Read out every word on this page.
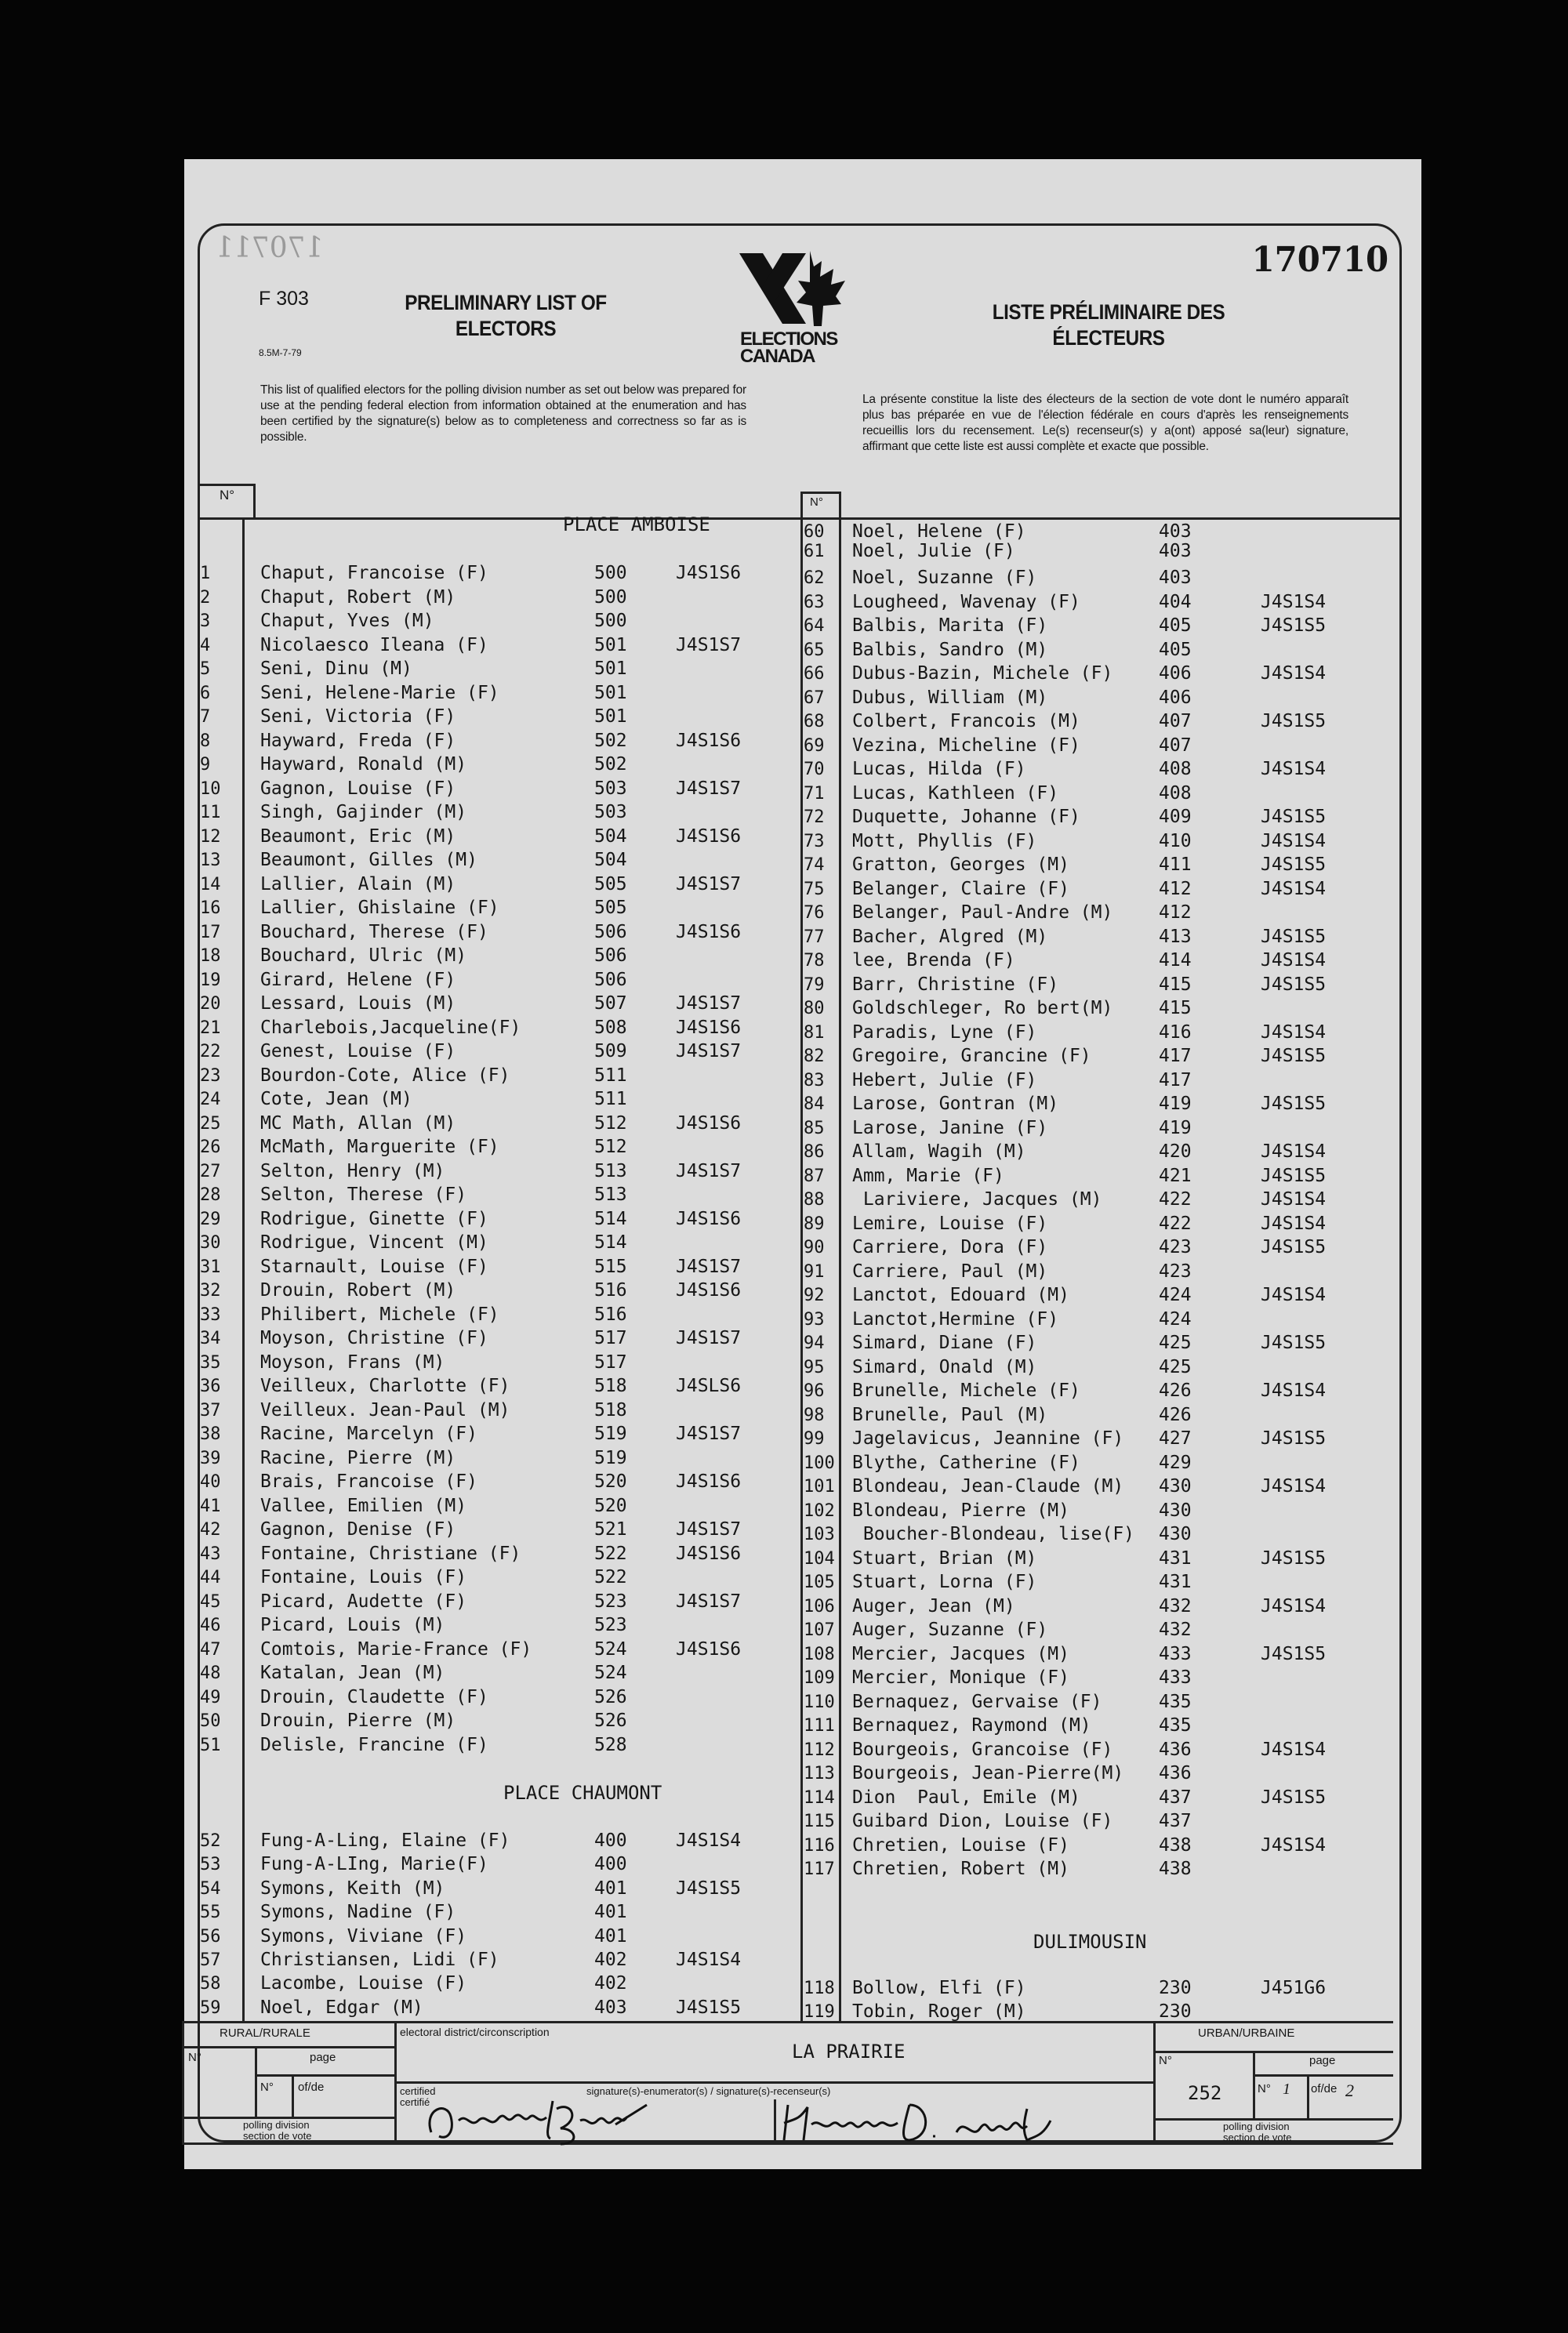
170711	170710
F 303
8.5M-7-79
PRELIMINARY LIST OF
ELECTORS
LISTE PRÉLIMINAIRE DES
ÉLECTEURS
ELECTIONS
CANADA
This list of qualified electors for the polling division number as set out below was prepared for use at the pending federal election from information obtained at the enumeration and has been certified by the signature(s) below as to completeness and correctness so far as is possible.
La présente constitue la liste des électeurs de la section de vote dont le numéro apparaît plus bas préparée en vue de l'élection fédérale en cours d'après les renseignements recueillis lors du recensement. Le(s) recenseur(s) y a(ont) apposé sa(leur) signature, affirmant que cette liste est aussi complète et exacte que possible.
N°	N°
PLACE AMBOISE
1	Chaput, Francoise (F)	500	J4S1S6
2	Chaput, Robert (M)	500
3	Chaput, Yves (M)	500
4	Nicolaesco Ileana (F)	501	J4S1S7
5	Seni, Dinu (M)	501
6	Seni, Helene-Marie (F)	501
7	Seni, Victoria (F)	501
8	Hayward, Freda (F)	502	J4S1S6
9	Hayward, Ronald (M)	502
10 Gagnon, Louise (F)	503	J4S1S7
11 Singh, Gajinder (M)	503
12 Beaumont, Eric (M)	504	J4S1S6
13 Beaumont, Gilles (M)	504
14 Lallier, Alain (M)	505	J4S1S7
16 Lallier, Ghislaine (F)	505
17 Bouchard, Therese (F)	506	J4S1S6
18 Bouchard, Ulric (M)	506
19 Girard, Helene (F)	506
20 Lessard, Louis (M)	507	J4S1S7
21 Charlebois,Jacqueline(F)	508	J4S1S6
22 Genest, Louise (F)	509	J4S1S7
23 Bourdon-Cote, Alice (F)	511
24 Cote, Jean (M)	511
25 MC Math, Allan (M)	512	J4S1S6
26 McMath, Marguerite (F)	512
27 Selton, Henry (M)	513	J4S1S7
28 Selton, Therese (F)	513
29 Rodrigue, Ginette (F)	514	J4S1S6
30 Rodrigue, Vincent (M)	514
31 Starnault, Louise (F)	515	J4S1S7
32 Drouin, Robert (M)	516	J4S1S6
33 Philibert, Michele (F)	516
34 Moyson, Christine (F)	517	J4S1S7
35 Moyson, Frans (M)	517
36 Veilleux, Charlotte (F)	518	J4SLS6
37 Veilleux. Jean-Paul (M)	518
38 Racine, Marcelyn (F)	519	J4S1S7
39 Racine, Pierre (M)	519
40 Brais, Francoise (F)	520	J4S1S6
41 Vallee, Emilien (M)	520
42 Gagnon, Denise (F)	521	J4S1S7
43 Fontaine, Christiane (F)	522	J4S1S6
44 Fontaine, Louis (F)	522
45 Picard, Audette (F)	523	J4S1S7
46 Picard, Louis (M)	523
47 Comtois, Marie-France (F)	524	J4S1S6
48 Katalan, Jean (M)	524
49 Drouin, Claudette (F)	526
50 Drouin, Pierre (M)	526
51 Delisle, Francine (F)	528
PLACE CHAUMONT
52 Fung-A-Ling, Elaine (F)	400	J4S1S4
53 Fung-A-LIng, Marie(F)	400
54 Symons, Keith (M)	401	J4S1S5
55 Symons, Nadine (F)	401
56 Symons, Viviane (F)	401
57 Christiansen, Lidi (F)	402	J4S1S4
58 Lacombe, Louise (F)	402
59 Noel, Edgar (M)	403	J4S1S5
60 Noel, Helene (F)	403
61 Noel, Julie (F)	403
62 Noel, Suzanne (F)	403
63 Lougheed, Wavenay (F)	404	J4S1S4
64 Balbis, Marita (F)	405	J4S1S5
65 Balbis, Sandro (M)	405
66 Dubus-Bazin, Michele (F)	406	J4S1S4
67 Dubus, William (M)	406
68 Colbert, Francois (M)	407	J4S1S5
69 Vezina, Micheline (F)	407
70 Lucas, Hilda (F)	408	J4S1S4
71 Lucas, Kathleen (F)	408
72 Duquette, Johanne (F)	409	J4S1S5
73 Mott, Phyllis (F)	410	J4S1S4
74 Gratton, Georges (M)	411	J4S1S5
75 Belanger, Claire (F)	412	J4S1S4
76 Belanger, Paul-Andre (M)	412
77 Bacher, Algred (M)	413	J4S1S5
78 lee, Brenda (F)	414	J4S1S4
79 Barr, Christine (F)	415	J4S1S5
80 Goldschleger, Ro bert(M)	415
81 Paradis, Lyne (F)	416	J4S1S4
82 Gregoire, Grancine (F)	417	J4S1S5
83 Hebert, Julie (F)	417
84 Larose, Gontran (M)	419	J4S1S5
85 Larose, Janine (F)	419
86 Allam, Wagih (M)	420	J4S1S4
87 Amm, Marie (F)	421	J4S1S5
88 Lariviere, Jacques (M)	422	J4S1S4
89 Lemire, Louise (F)	422	J4S1S4
90 Carriere, Dora (F)	423	J4S1S5
91 Carriere, Paul (M)	423
92 Lanctot, Edouard (M)	424	J4S1S4
93 Lanctot,Hermine (F)	424
94 Simard, Diane (F)	425	J4S1S5
95 Simard, Onald (M)	425
96 Brunelle, Michele (F)	426	J4S1S4
98 Brunelle, Paul (M)	426
99 Jagelavicus, Jeannine (F) 427	J4S1S5
100 Blythe, Catherine (F)	429
101 Blondeau, Jean-Claude (M) 430	J4S1S4
102 Blondeau, Pierre (M)	430
103 Boucher-Blondeau, lise(F) 430
104 Stuart, Brian (M)	431	J4S1S5
105 Stuart, Lorna (F)	431
106 Auger, Jean (M)	432	J4S1S4
107 Auger, Suzanne (F)	432
108 Mercier, Jacques (M)	433	J4S1S5
109 Mercier, Monique (F)	433
110 Bernaquez, Gervaise (F)	435
111 Bernaquez, Raymond (M)	435
112 Bourgeois, Grancoise (F)	436	J4S1S4
113 Bourgeois, Jean-Pierre(M) 436
114 Dion  Paul, Emile (M)	437	J4S1S5
115 Guibard Dion, Louise (F)	437
116 Chretien, Louise (F)	438	J4S1S4
117 Chretien, Robert (M)	438
DULIMOUSIN
118 Bollow, Elfi (F)	230	J451G6
119 Tobin, Roger (M)	230
RURAL/RURALE
N°	page
N° of/de
polling division
section de vote
electoral district/circonscription
LA PRAIRIE
certified
certifié
signature(s)-enumerator(s) / signature(s)-recenseur(s)
URBAN/URBAINE
N°
252
page
N° 1 of/de 2
polling division
section de vote
